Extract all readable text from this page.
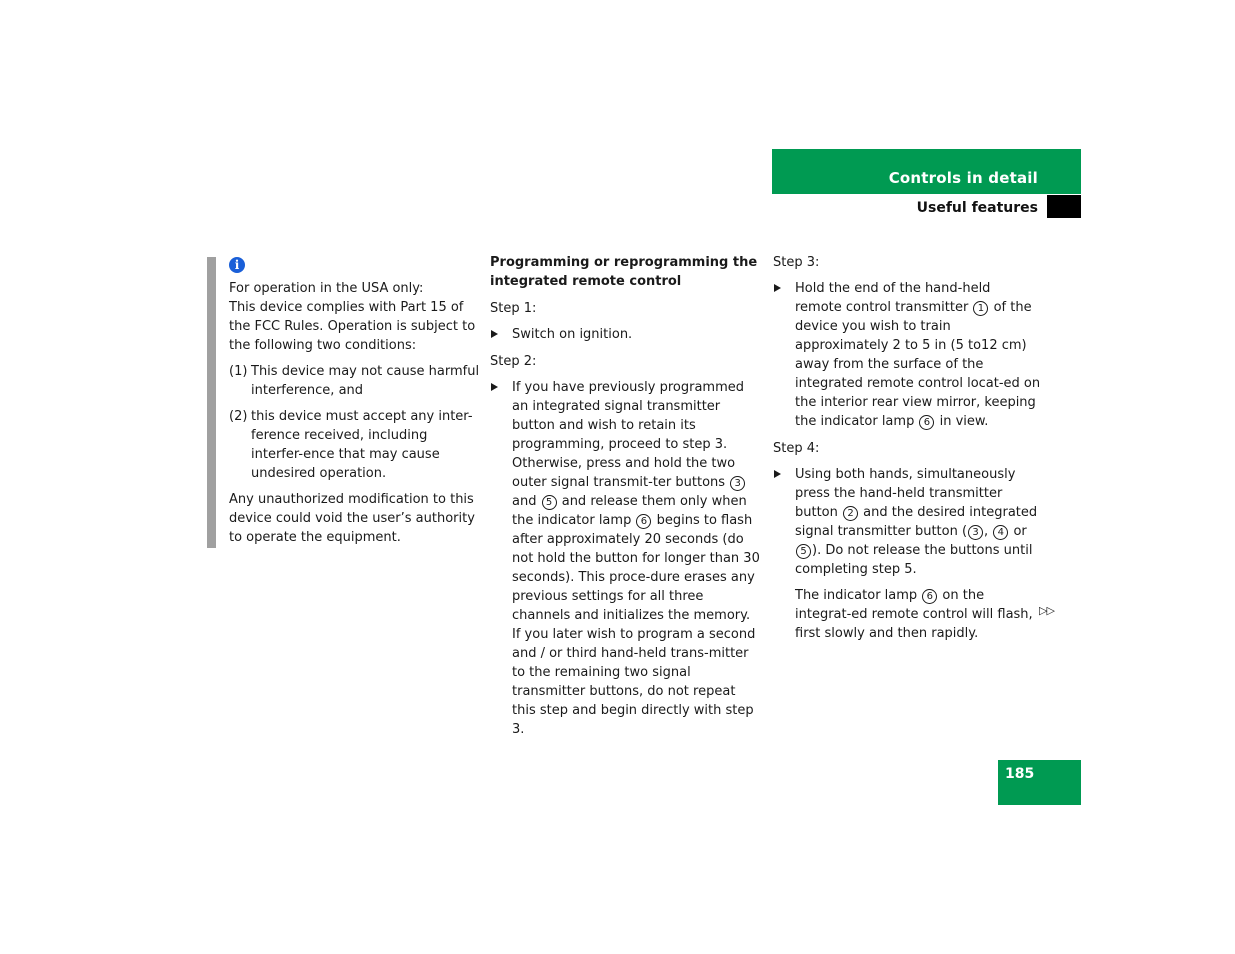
Controls in detail
Useful features

i

For operation in the USA only:
This device complies with Part 15 of the FCC Rules. Operation is subject to the following two conditions:

(1) This device may not cause harmful interference, and

(2) this device must accept any inter-ference received, including interfer-ence that may cause undesired operation.

Any unauthorized modification to this device could void the user’s authority to operate the equipment.

Programming or reprogramming the integrated remote control

Step 1:

Switch on ignition.

Step 2:

If you have previously programmed an integrated signal transmitter button and wish to retain its programming, proceed to step 3. Otherwise, press and hold the two outer signal transmit-ter buttons 3 and 5 and release them only when the indicator lamp 6 begins to flash after approximately 20 seconds (do not hold the button for longer than 30 seconds). This proce-dure erases any previous settings for all three channels and initializes the memory. If you later wish to program a second and / or third hand-held trans-mitter to the remaining two signal transmitter buttons, do not repeat this step and begin directly with step 3.

Step 3:

Hold the end of the hand-held remote control transmitter 1 of the device you wish to train approximately 2 to 5 in (5 to12 cm) away from the surface of the integrated remote control locat-ed on the interior rear view mirror, keeping the indicator lamp 6 in view.

Step 4:

Using both hands, simultaneously press the hand-held transmitter button 2 and the desired integrated signal transmitter button ( 3 , 4 or 5 ). Do not release the buttons until completing step 5.

The indicator lamp 6 on the integrat-ed remote control will flash, first slowly and then rapidly.

▷▷
185
